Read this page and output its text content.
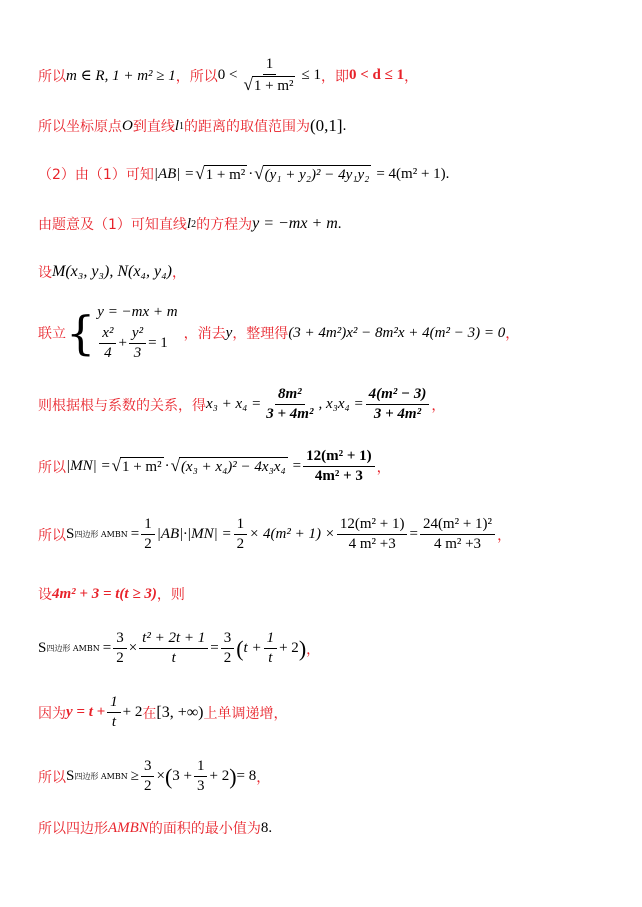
所以 m ∈ R, 1 + m² ≥ 1 ，所以 $0 < \frac{1}{\text{√ 1 + m²}} \le 1$ ，即 0 < d ≤ 1 ，
所以坐标原点 O 到直线 l 1 的距离的取值范围为 (0,1] .
（2）由（1）可知 |AB| = √ 1 + m² · √ (y₁ + y₂)² − 4y₁y₂ = 4(m² + 1) .
由题意及（1）可知直线 l 2 的方程为 y = −mx + m .
设 M(x₃, y₃), N(x₄, y₄) ，
联立 { y = −mx + m
$\frac{\text{x²}}{4} + \frac{\text{y²}}{3} = 1$
，消去 y ，整理得 (3 + 4m²)x² − 8m²x + 4(m² − 3) = 0 ，
则根据根与系数的关系，得 $x_3 + x_4 = \frac{\text{8m²}}{\text{3 + 4m²}}$ , $x_3x_4 = \frac{\text{4(m² − 3)}}{\text{3 + 4m²}}$ ，
所以 |MN| = √ 1 + m² · √ $(x_3 + x_4)^2 - 4x_3x_4 = \frac{\text{12(m² + 1)}}{\text{4m² + 3}}$ ，
所以 S 四边形 AMBN = $\frac{1}{2} |AB|\cdot|MN| = \frac{1}{2} \times 4(m^2 + 1) \times \frac{\text{12(m² + 1)}}{\text{4 m² +3}} = \frac{\text{24(m² + 1)²}}{\text{4 m² +3}}$ ，
设 4m² + 3 = t(t ≥ 3) ，则
S 四边形 AMBN = $\frac{3}{2} \times \frac{\text{t² + 2t + 1}}{t} = \frac{3}{2}$ ( $t + \frac{1}{t} + 2$ ) ，
因为 $y = t + \frac{1}{t} + 2$ 在 [3, +∞) 上单调递增，
所以 S 四边形 AMBN ≥ $\frac{3}{2}$ × ( $3 + \frac{1}{3} + 2$ ) = 8 ，
所以四边形 AMBN 的面积的最小值为 8 .
